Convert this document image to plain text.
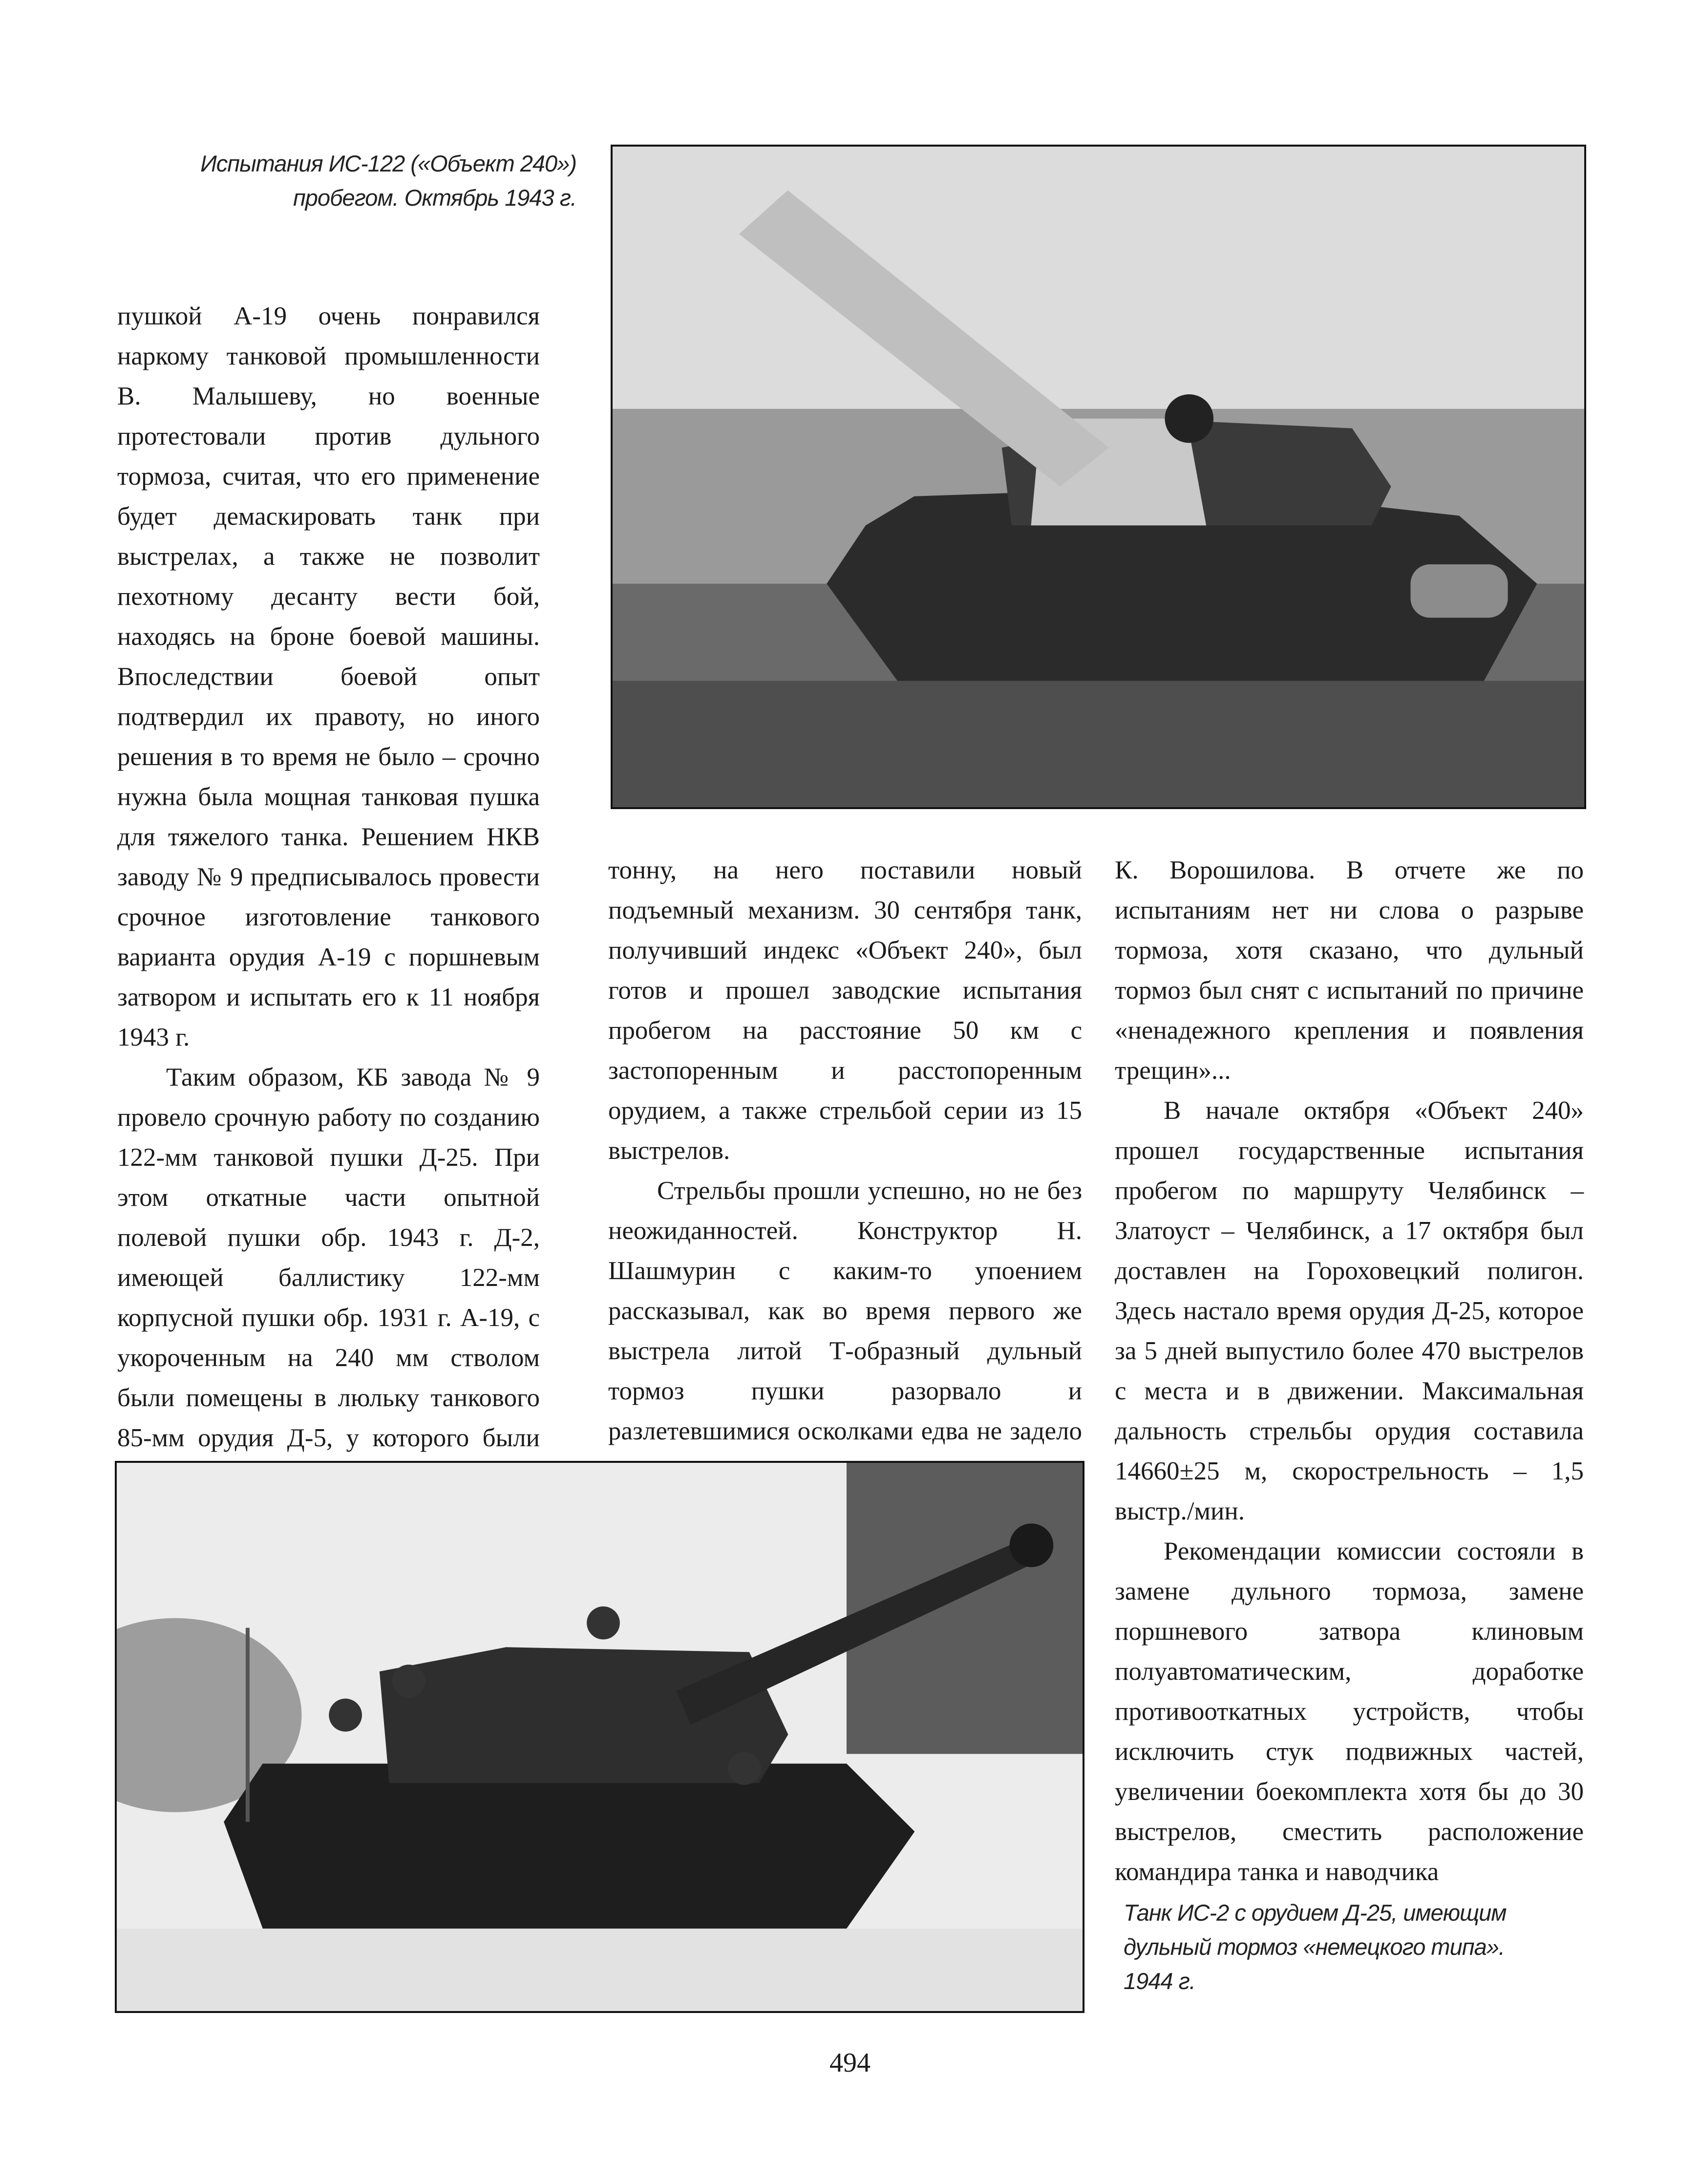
Испытания ИС-122 («Объект 240»)
пробегом. Октябрь 1943 г.

пушкой А-19 очень понравился наркому танковой промышленности В. Малышеву, но военные протестовали против дульного тормоза, считая, что его применение будет демаскировать танк при выстрелах, а также не позволит пехотному десанту вести бой, находясь на броне боевой машины. Впоследствии боевой опыт подтвердил их правоту, но иного решения в то время не было – срочно нужна была мощная танковая пушка для тяжелого танка. Решением НКВ заводу № 9 предписывалось провести срочное изготовление танкового варианта орудия А-19 с поршневым затвором и испытать его к 11 ноября 1943 г.

Таким образом, КБ завода № 9 провело срочную работу по созданию 122-мм танковой пушки Д-25. При этом откатные части опытной полевой пушки обр. 1943 г. Д-2, имеющей баллистику 122-мм корпусной пушки обр. 1931 г. А-19, с укороченным на 240 мм стволом были помещены в люльку танкового 85-мм орудия Д-5, у которого были

тонну, на него поставили новый подъемный механизм. 30 сентября танк, получивший индекс «Объект 240», был готов и прошел заводские испытания пробегом на расстояние 50 км с застопоренным и расстопоренным орудием, а также стрельбой серии из 15 выстрелов.

Стрельбы прошли успешно, но не без неожиданностей. Конструктор Н. Шашмурин с каким-то упоением рассказывал, как во время первого же выстрела литой Т-образный дульный тормоз пушки разорвало и разлетевшимися осколками едва не задело

К. Ворошилова. В отчете же по испытаниям нет ни слова о разрыве тормоза, хотя сказано, что дульный тормоз был снят с испытаний по причине «ненадежного крепления и появления трещин»...

В начале октября «Объект 240» прошел государственные испытания пробегом по маршруту Челябинск – Златоуст – Челябинск, а 17 октября был доставлен на Гороховецкий полигон. Здесь настало время орудия Д-25, которое за 5 дней выпустило более 470 выстрелов с места и в движении. Максимальная дальность стрельбы орудия составила 14660±25 м, скорострельность – 1,5 выстр./мин.

Рекомендации комиссии состояли в замене дульного тормоза, замене поршневого затвора клиновым полуавтоматическим, доработке противооткатных устройств, чтобы исключить стук подвижных частей, увеличении боекомплекта хотя бы до 30 выстрелов, сместить расположение командира танка и наводчика

Танк ИС-2 с орудием Д-25, имеющим
дульный тормоз «немецкого типа».
1944 г.
494
